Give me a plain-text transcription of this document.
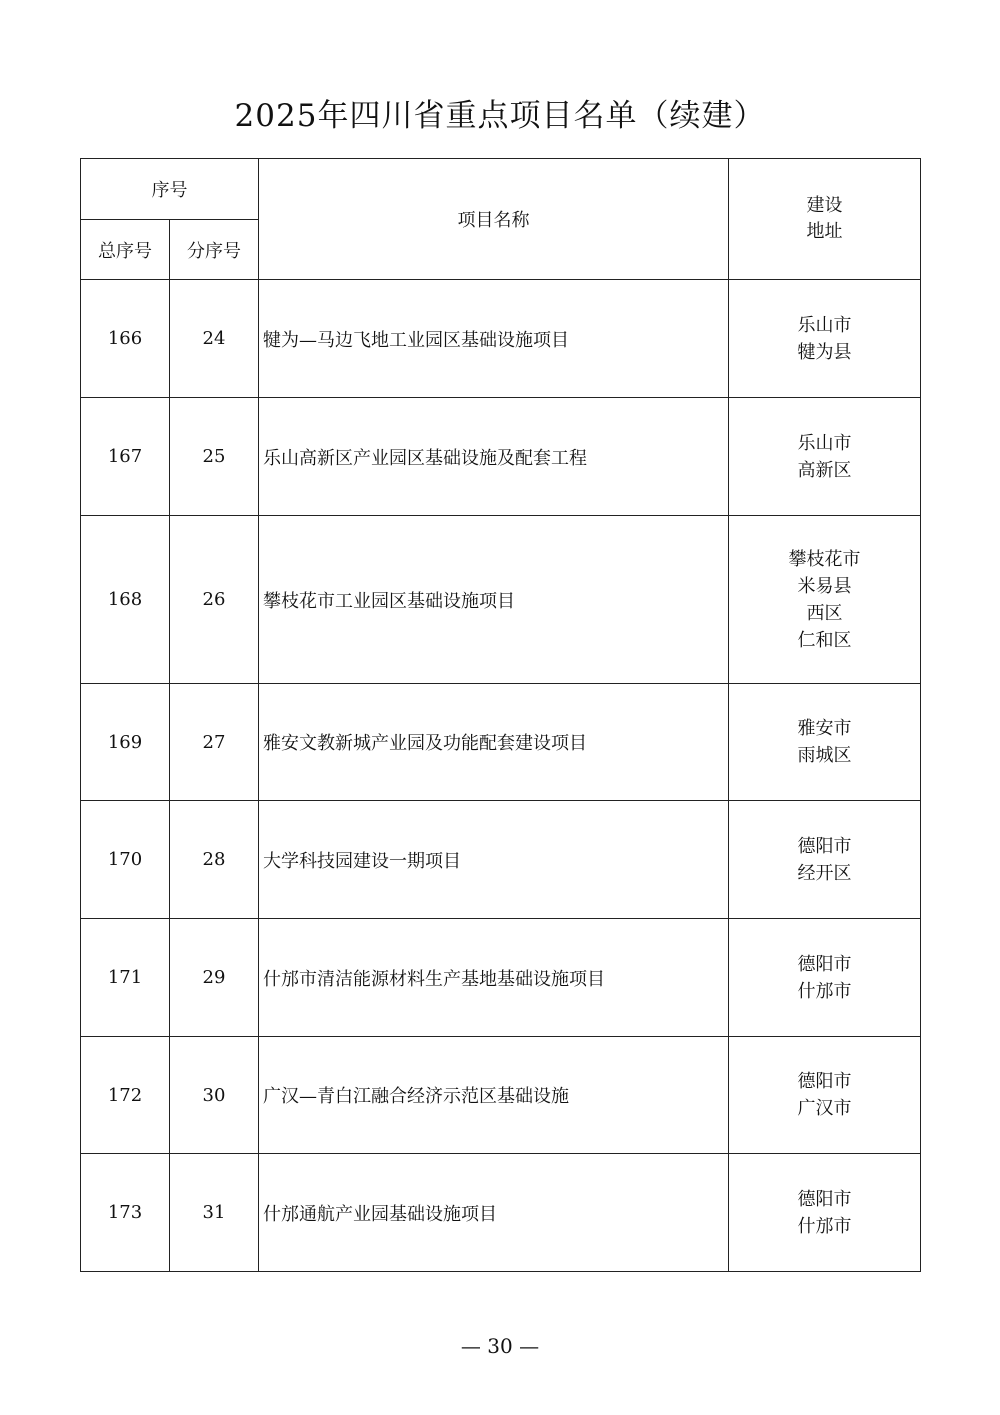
2025年四川省重点项目名单（续建）
序号		项目名称	建设
地址

总序号	分序号		
166	24	犍为—马边飞地工业园区基础设施项目	乐山市
犍为县

167	25	乐山高新区产业园区基础设施及配套工程	乐山市
高新区

168	26	攀枝花市工业园区基础设施项目	攀枝花市
米易县
西区
仁和区

169	27	雅安文教新城产业园及功能配套建设项目	雅安市
雨城区

170	28	大学科技园建设一期项目	德阳市
经开区

171	29	什邡市清洁能源材料生产基地基础设施项目	德阳市
什邡市

172	30	广汉—青白江融合经济示范区基础设施	德阳市
广汉市

173	31	什邡通航产业园基础设施项目	德阳市
什邡市
— 30 —
